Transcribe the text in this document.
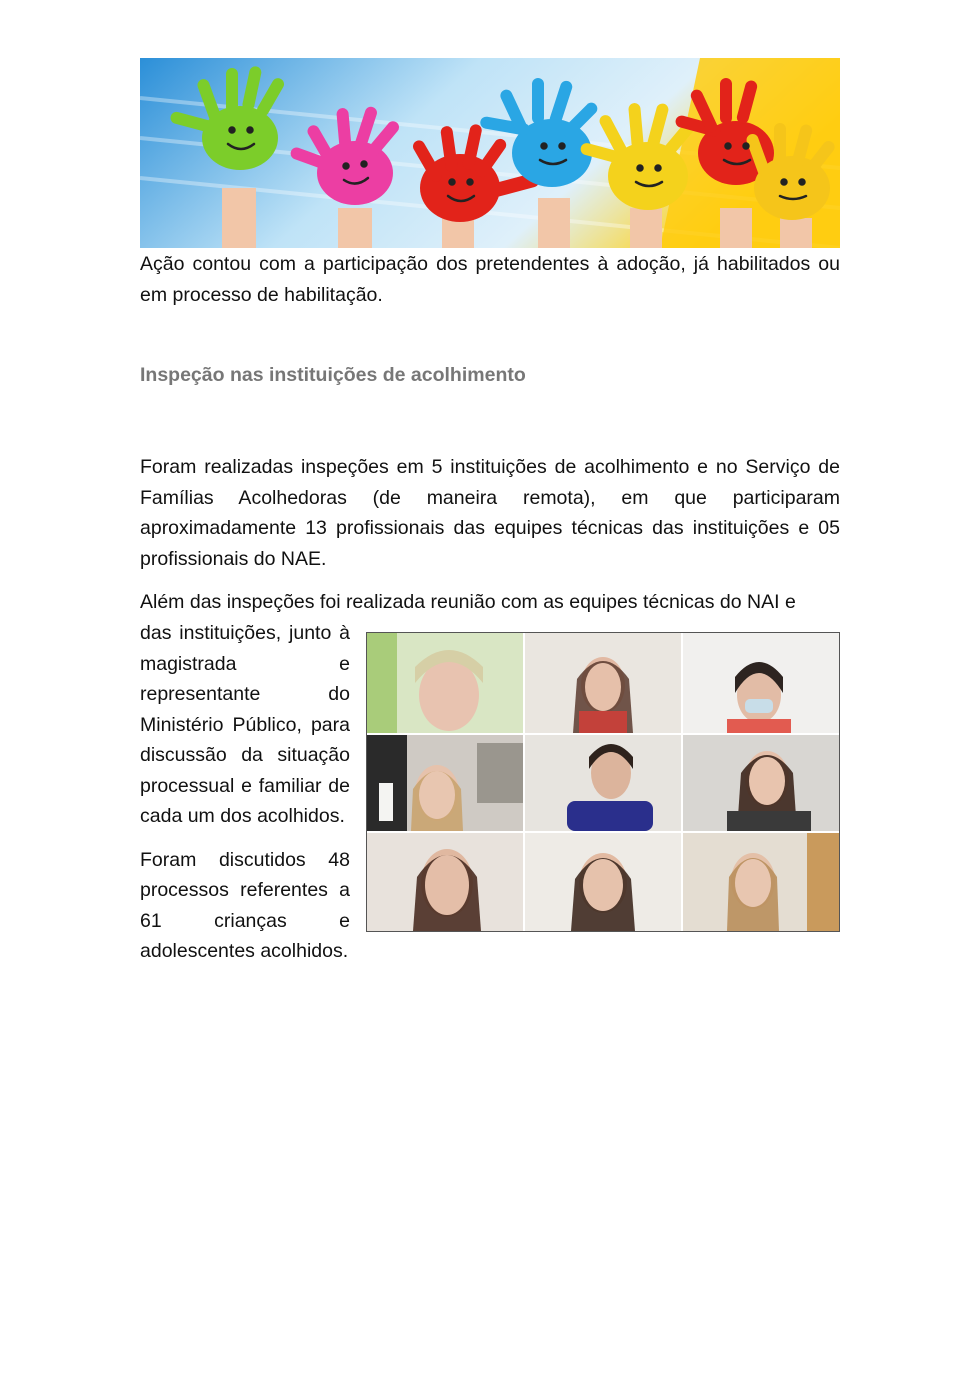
Ação contou com a participação dos pretendentes à adoção, já habilitados ou em processo de habilitação.

Inspeção nas instituições de acolhimento

Foram realizadas inspeções em 5 instituições de acolhimento e no Serviço de Famílias Acolhedoras (de maneira remota), em que participaram aproximadamente 13 profissionais das equipes técnicas das instituições e 05 profissionais do NAE.

Além das inspeções foi realizada reunião com as equipes técnicas do NAI e

das instituições, junto à magistrada e representante do Ministério Público, para discussão da situação processual e familiar de cada um dos acolhidos.

Foram discutidos 48 processos referentes a 61 crianças e adolescentes acolhidos.
